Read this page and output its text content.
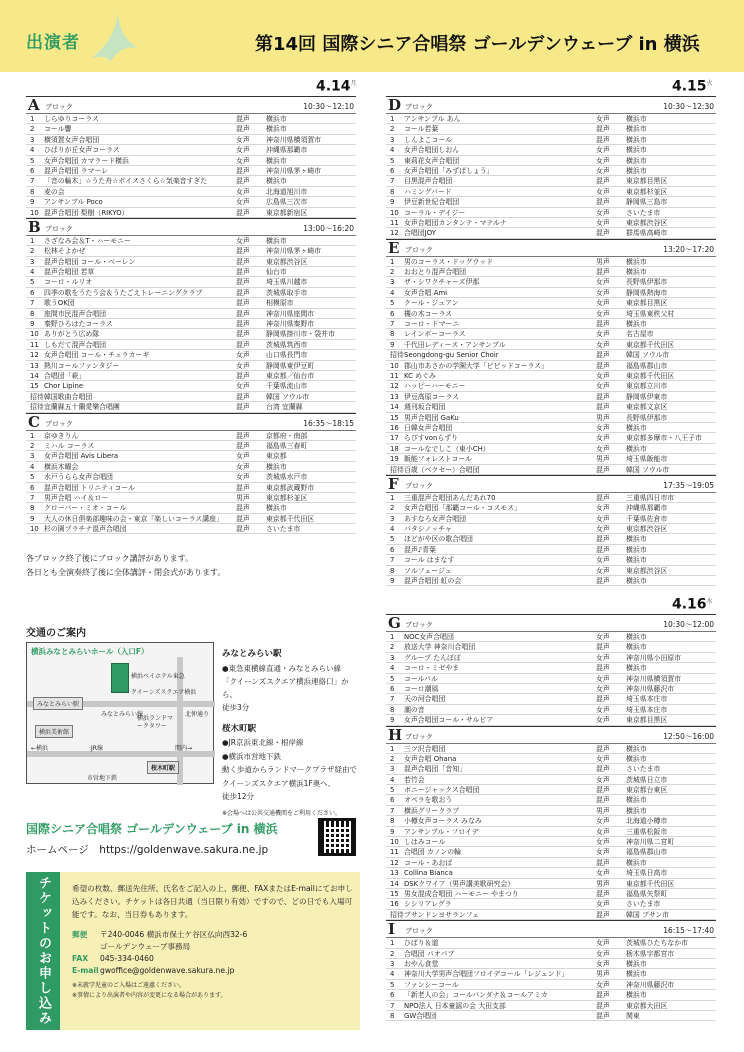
出演者	第14回 国際シニア合唱祭 ゴールデンウェーブ in 横浜
$4.14^月$	$4.15^火$
$4.16^水$
A ブロック	10:30～12:10
1	しらゆりコーラス	混声	横浜市
2	コール響	混声	横浜市
3	横須賀女声合唱団	女声	神奈川県横須賀市
4	ひばりが丘女声コーラス	女声	沖縄県那覇市
5	女声合唱団 カマラード横浜	女声	横浜市
6	混声合唱団 ラマーレ	混声	神奈川県茅ヶ崎市
7	「音の輪木」☆うた舟☆ボイスさくら☆気楽音すぎた	混声	横浜市
8	麦の会	女声	北海道旭川市
9	アンサンブル Poco	女声	広島県三次市
10 混声合唱団 梨樹（RIKYO）	混声	東京都新宿区
B ブロック	13:00～16:20
1	さざなみ会＆T・ハーモニー	女声	横浜市
2	松林そよかぜ	混声	神奈川県茅ヶ崎市
3	混声合唱団 コール・ベーレン	混声	東京都渋谷区
4	混声合唱団 若草	混声	仙台市
5	コーロ・ルリオ	混声	埼玉県川越市
6	四季の歌をうたう会＆うたごえトレーニングクラブ	混声	茨城県取手市
7	歌うOK団	混声	相模原市
8	座間市民混声合唱団	混声	神奈川県座間市
9	秦野ひろはたコーラス	混声	神奈川県秦野市
10 ありがとう広め隊	混声	静岡県掛川市・袋井市
11 しもだて混声合唱団	混声	茨城県筑西市
12 女声合唱団 コール・チュラカーギ	女声	山口県長門市
13 熱川コールファンタジー	女声	静岡県東伊豆町
14 合唱団「萩」	混声	東京都／仙台市
15 Chor Lipine	女声	千葉県流山市
招待 韓国歌曲合唱団	混声	韓国 ソウル市
招待 宜蘭縣五十蘭愛樂合唱團	混声	台湾 宜蘭縣
C ブロック	16:35～18:15
1	京ゆきりん	混声	京都府・南部
2	ミハル コーラス	混声	福島県三春町
3	女声合唱団 Avis Libera	女声	東京都
4	横浜木曜会	女声	横浜市
5	水戸うらら女声合唱団	女声	茨城県水戸市
6	混声合唱団 トリニティコール	混声	東京都武蔵野市
7	男声合唱 ハイ＆ロー	男声	東京都杉並区
8	クローバー・ミオ・コール	混声	横浜市
9	大人の休日倶楽部趣味の会・東京「楽しいコーラス講座」	混声	東京都千代田区
10 杉の園プラチナ混声合唱団	混声	さいたま市
D ブロック	10:30～12:30
1	アンサンブル あん	女声	横浜市
2	コール若葉	混声	横浜市
3	しんよこコール	混声	横浜市
4	女声合唱団しおん	女声	横浜市
5	東莉花女声合唱団	女声	横浜市
6	女声合唱団「みずばしょう」	女声	横浜市
7	目黒混声合唱団	混声	東京都目黒区
8	ハミングバード	女声	東京都杉並区
9	伊豆新世紀合唱団	混声	静岡県三島市
10 コーラル・デイジー	女声	さいたま市
11 女声合唱団カンタンテ・マテルナ	女声	東京都渋谷区
12 合唱団JOY	混声	群馬県高崎市
E ブロック	13:20～17:20
1	男のコーラス・ドッグウッド	男声	横浜市
2	おおとり混声合唱団	混声	横浜市
3	ザ・シワクチャーズ伊那	女声	長野県伊那市
4	女声合唱 Ami	女声	静岡県熱海市
5	クール・ジュアン	女声	東京都目黒区
6	槻の木コーラス	女声	埼玉県東秩父村
7	コーロ・ドマーニ	混声	横浜市
8	レインボーコーラス	女声	名古屋市
9	千代田レディース・アンサンブル	女声	東京都千代田区
招待 Seongdong-gu Senior Choir	混声	韓国 ソウル市
10 郡山市あさかの学園大学「ビビッドコーラス」	混声	福島県郡山市
11 KC めぐみ	女声	東京都千代田区
12 ハッピーハーモニー	女声	東京都立川市
13 伊豆高原コーラス	混声	静岡県伊東市
14 週刊坂合唱団	混声	東京都文京区
15 男声合唱団 GaKu	男声	長野県伊那市
16 日韓女声合唱団	女声	横浜市
17 らぴすvonらずり	女声	東京都多摩市・八王子市
18 コールなでしこ（東小CH）	女声	横浜市
19 飯能フォレストコール	男声	埼玉県飯能市
招待 百歳（ベクセー）合唱団	混声	韓国 ソウル市
F ブロック	17:35～19:05
1	三重混声合唱団あんだあれ70	混声	三重県四日市市
2	女声合唱団「那覇コール・コスモス」	女声	沖縄県那覇市
3	あすなろ女声合唱団	女声	千葉県佐倉市
4	パタシノッチャ	女声	東京都渋谷区
5	ほどがや区の歌合唱団	混声	横浜市
6	混声♪青葉	混声	横浜市
7	コール はまなす	女声	横浜市
8	ソルフェージュ	女声	東京都渋谷区
9	混声合唱団 虹の会	混声	横浜市
G ブロック	10:30～12:00
1	NOC女声合唱団	女声	横浜市
2	放送大学 神奈川合唱団	混声	横浜市
3	グループ たんぽぽ	女声	神奈川県小田原市
4	コーロ・ミゼやま	混声	横浜市
5	コールパル	女声	神奈川県横須賀市
6	コーロ潮風	女声	神奈川県藤沢市
7	天の河合唱団	混声	埼玉県本庄市
8	潮の音	女声	埼玉県本庄市
9	女声合唱団コール・サルビア	女声	東京都目黒区
H ブロック	12:50～16:00
1	三ツ沢合唱団	混声	横浜市
2	女声合唱 Ohana	女声	横浜市
3	混声合唱団「音知」	混声	さいたま市
4	若竹会	女声	茨城県日立市
5	ボニージャックス合唱団	混声	東京都台東区
6	オペラを歌おう	混声	横浜市
7	横浜グリークラブ	男声	横浜市
8	小樽女声コーラス みなみ	女声	北海道小樽市
9	アンサンブル・フロイデ	女声	三重県松阪市
10 しはみコール	女声	神奈川県二宮町
11 合唱団 カノンの輪	女声	福島県郡山市
12 コール・あおば	混声	横浜市
13 Collina Bianca	女声	埼玉県日高市
14 DSKクワイア（男声講美歌研究会）	男声	東京都千代田区
15 男女混成合唱団 ハーモニー やまつり	混声	福島県矢祭町
16 シシリアレグラ	女声	さいたま市
招待 ブサンドンヨサランフェ	混声	韓国 ブサン市
I	ブロック	16:15～17:40
1	ひばり＆道	女声	茨城県ひたちなか市
2	合唱団 パオパブ	女声	栃木県宇都宮市
3	おやん食堂	女声	横浜市
4	神奈川大学男声合唱団フロイデコール「レジェンド」	男声	横浜市
5	ファンシーコール	女声	神奈川県藤沢市
6	「新老人の会」コールパンダナ＆コールアミカ	混声	横浜市
7	NPO法人 日本童謡の会 大田支部	混声	東京都大田区
8	GW合唱団	混声	関東
各ブロック終了後にブロック講評があります。
各日とも全演奏終了後に全体講評・閉会式があります。
交通のご案内
横浜みなとみらいホール（入口F）
横浜ベイホテル東急
クイーンズスクエア横浜
みなとみらい駅
横浜美術館
横浜ランドマークタワー
みなとみらい線	北仲通り
←横浜	JR線	関内→
桜木町駅
市営地下鉄
みなとみらい駅

●東急東横線直通・みなとみらい線

「クイーンズスクエア横浜連絡口」から、

徒歩3分

桜木町駅

●JR京浜東北線・根岸線

●横浜市営地下鉄

動く歩道からランドマークプラザ経由で

クイーンズスクエア横浜1F奥へ、

徒歩12分

※会場へは公共交通機関をご利用ください。
国際シニア合唱祭 ゴールデンウェーブ in 横浜
ホームページ　https://goldenwave.sakura.ne.jp
チケットのお申し込み	希望の枚数、郵送先住所、氏名をご記入の上、郵便、FAXまたはE-mailにてお申し込みください。チケットは各日共通（当日限り有効）ですので、どの日でも入場可能です。なお、当日券もあります。
郵便	〒240-0046 横浜市保土ケ谷区仏向西32-6
ゴールデンウェーブ事務局
FAX	045-334-0460
E-mail gwoffice@goldenwave.sakura.ne.jp
※未就学児童のご入場はご遠慮ください。
※事情により出演者や内容が変更になる場合があります。
